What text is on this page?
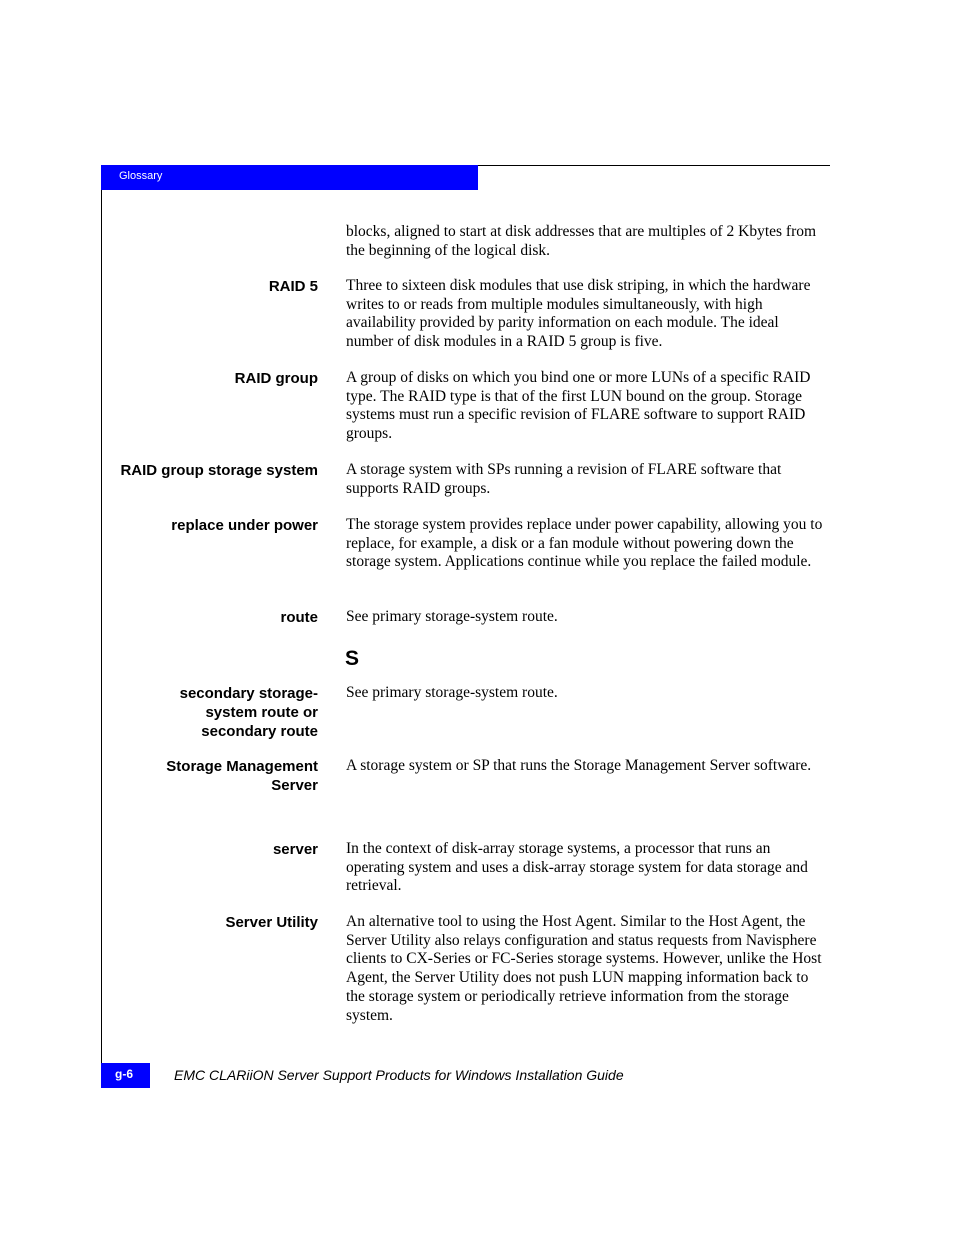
Glossary
blocks, aligned to start at disk addresses that are multiples of 2 Kbytes from the beginning of the logical disk.
RAID 5 Three to sixteen disk modules that use disk striping, in which the hardware writes to or reads from multiple modules simultaneously, with high availability provided by parity information on each module. The ideal number of disk modules in a RAID 5 group is five.
RAID group A group of disks on which you bind one or more LUNs of a specific RAID type. The RAID type is that of the first LUN bound on the group. Storage systems must run a specific revision of FLARE software to support RAID groups.
RAID group storage system A storage system with SPs running a revision of FLARE software that supports RAID groups.
replace under power The storage system provides replace under power capability, allowing you to replace, for example, a disk or a fan module without powering down the storage system. Applications continue while you replace the failed module.
route See primary storage-system route.
S
secondary storage-system route or secondary route
See primary storage-system route.
Storage Management Server
A storage system or SP that runs the Storage Management Server software.
server In the context of disk-array storage systems, a processor that runs an operating system and uses a disk-array storage system for data storage and retrieval.
Server Utility An alternative tool to using the Host Agent. Similar to the Host Agent, the Server Utility also relays configuration and status requests from Navisphere clients to CX-Series or FC-Series storage systems. However, unlike the Host Agent, the Server Utility does not push LUN mapping information back to the storage system or periodically retrieve information from the storage system.
g-6	EMC CLARiiON Server Support Products for Windows Installation Guide
